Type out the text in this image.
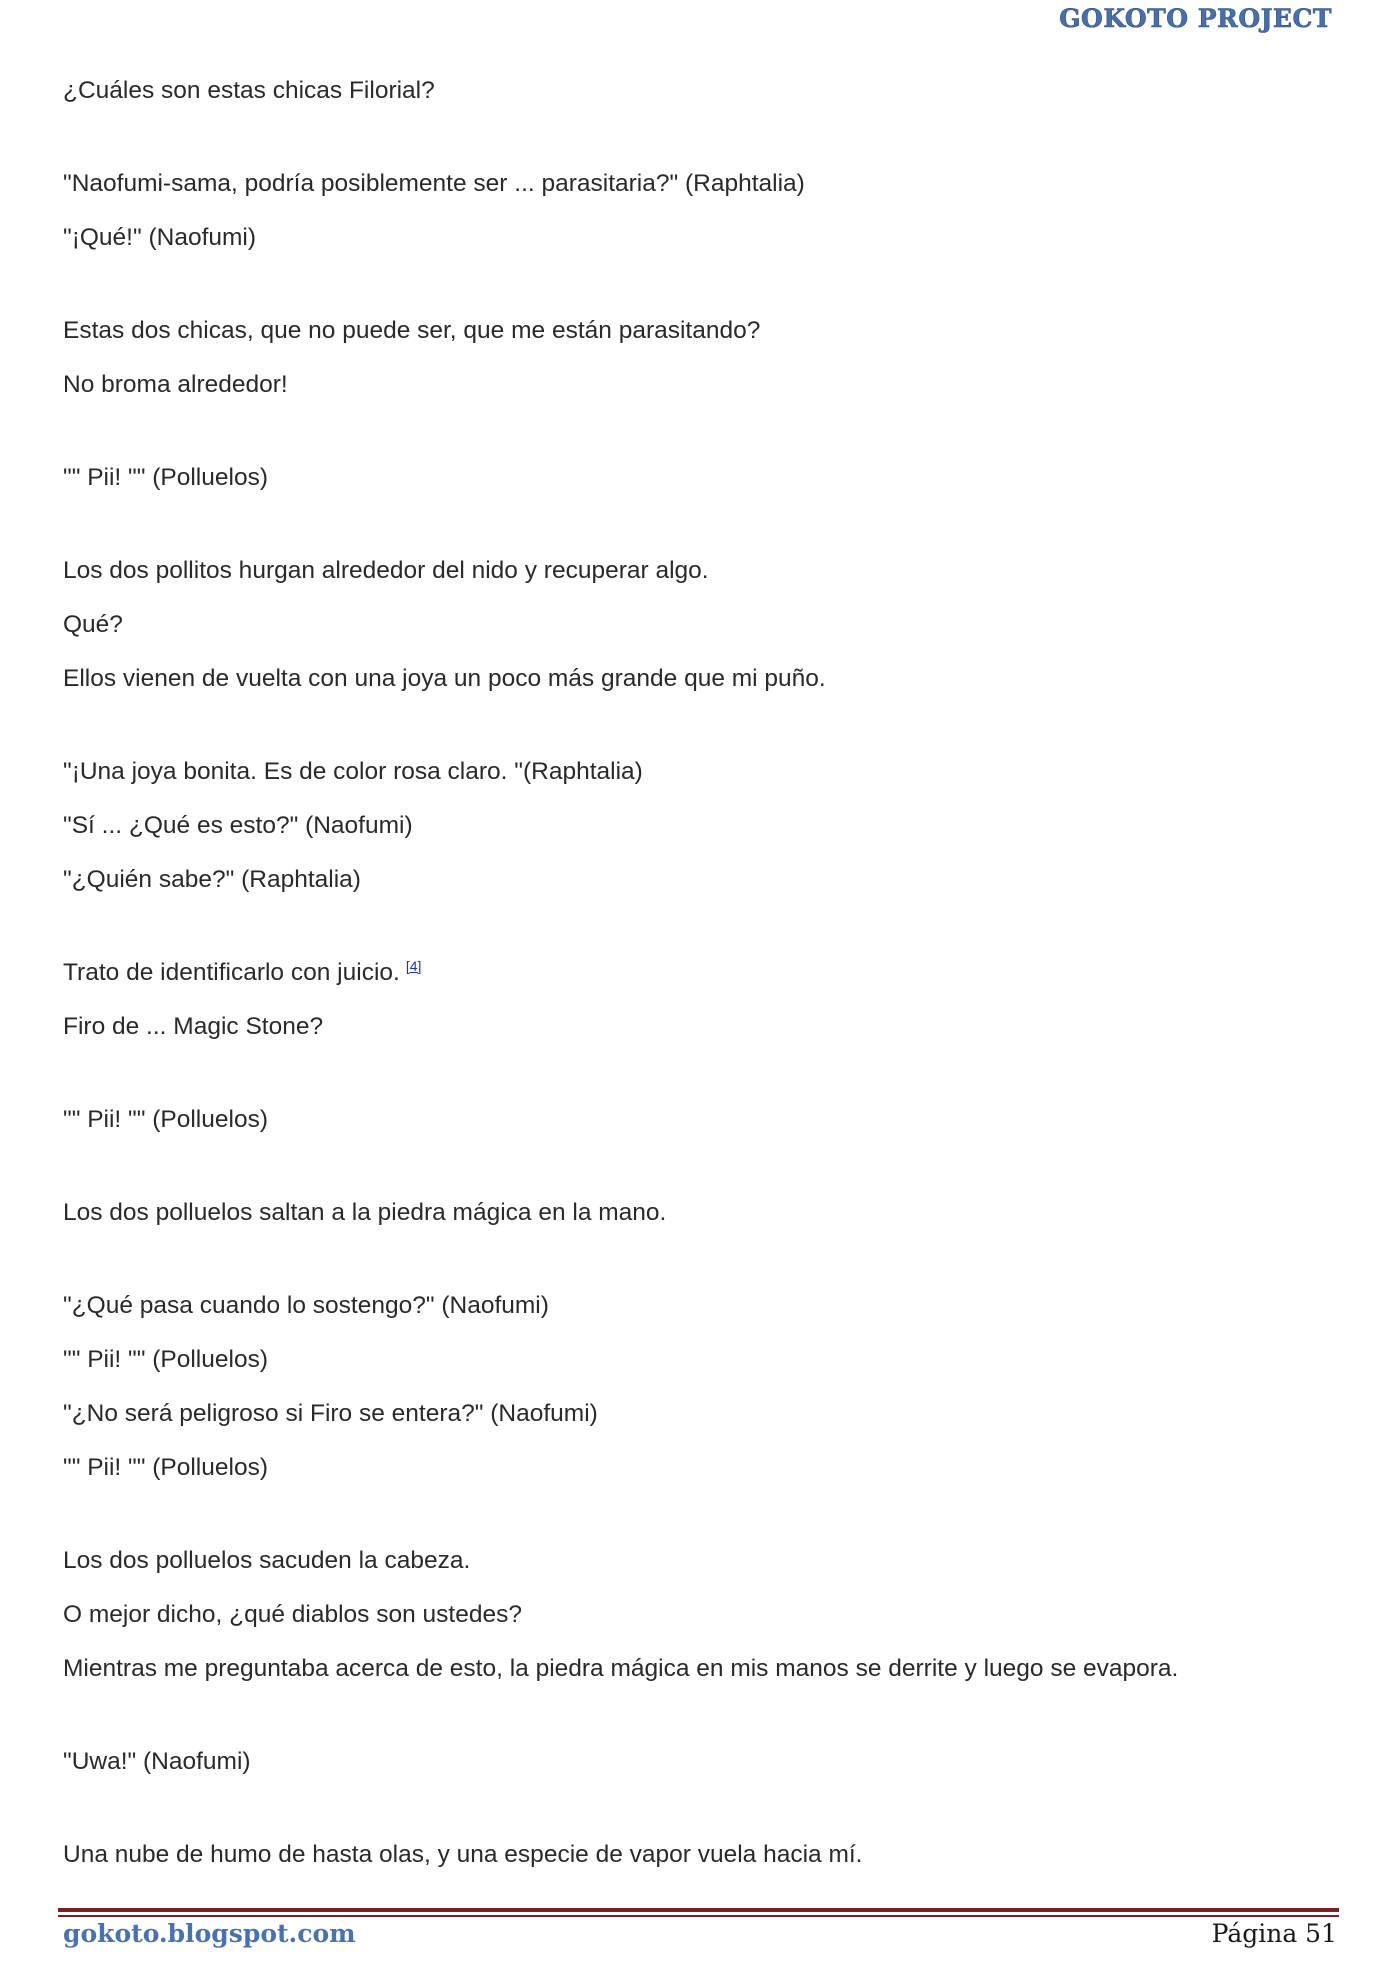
GOKOTO PROJECT

¿Cuáles son estas chicas Filorial?

"Naofumi-sama, podría posiblemente ser ... parasitaria?" (Raphtalia)

"¡Qué!" (Naofumi)

Estas dos chicas, que no puede ser, que me están parasitando?

No broma alrededor!

"" Pii! "" (Polluelos)

Los dos pollitos hurgan alrededor del nido y recuperar algo.

Qué?

Ellos vienen de vuelta con una joya un poco más grande que mi puño.

"¡Una joya bonita. Es de color rosa claro. "(Raphtalia)

"Sí ... ¿Qué es esto?" (Naofumi)

"¿Quién sabe?" (Raphtalia)

Trato de identificarlo con juicio. [4]

Firo de ... Magic Stone?

"" Pii! "" (Polluelos)

Los dos polluelos saltan a la piedra mágica en la mano.

"¿Qué pasa cuando lo sostengo?" (Naofumi)

"" Pii! "" (Polluelos)

"¿No será peligroso si Firo se entera?" (Naofumi)

"" Pii! "" (Polluelos)

Los dos polluelos sacuden la cabeza.

O mejor dicho, ¿qué diablos son ustedes?

Mientras me preguntaba acerca de esto, la piedra mágica en mis manos se derrite y luego se evapora.

"Uwa!" (Naofumi)

Una nube de humo de hasta olas, y una especie de vapor vuela hacia mí.

gokoto.blogspot.com	Página 51
